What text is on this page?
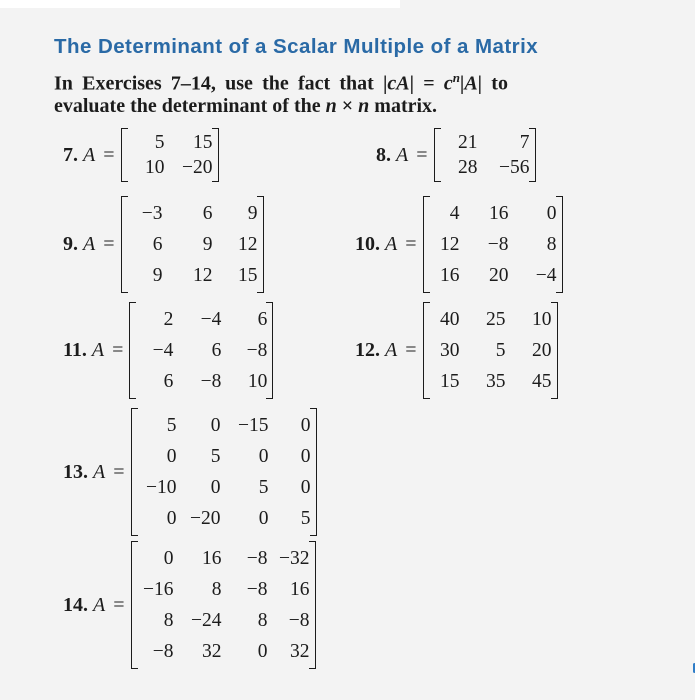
The Determinant of a Scalar Multiple of a Matrix
In Exercises 7–14, use the fact that $|cA| = c^n|A|$ to
evaluate the determinant of the n × n matrix.
7. A =
5	15
10 −20
8. A =
21	7
28	−56
9. A =
−3	6	9
6	9	12
9	12	15
10. A =
4	16	0
12	−8	8
16	20	−4
11. A =
2	−4	6
−4	6	−8
6	−8	10
12. A =
40	25	10
30	5	20
15	35	45
13. A =
5	0 −15	0
0	5	0	0
−10	0	5	0
0 −20	0	5
14. A =
0	16	−8 −32
−16	8	−8	16
8 −24	8	−8
−8	32	0	32
